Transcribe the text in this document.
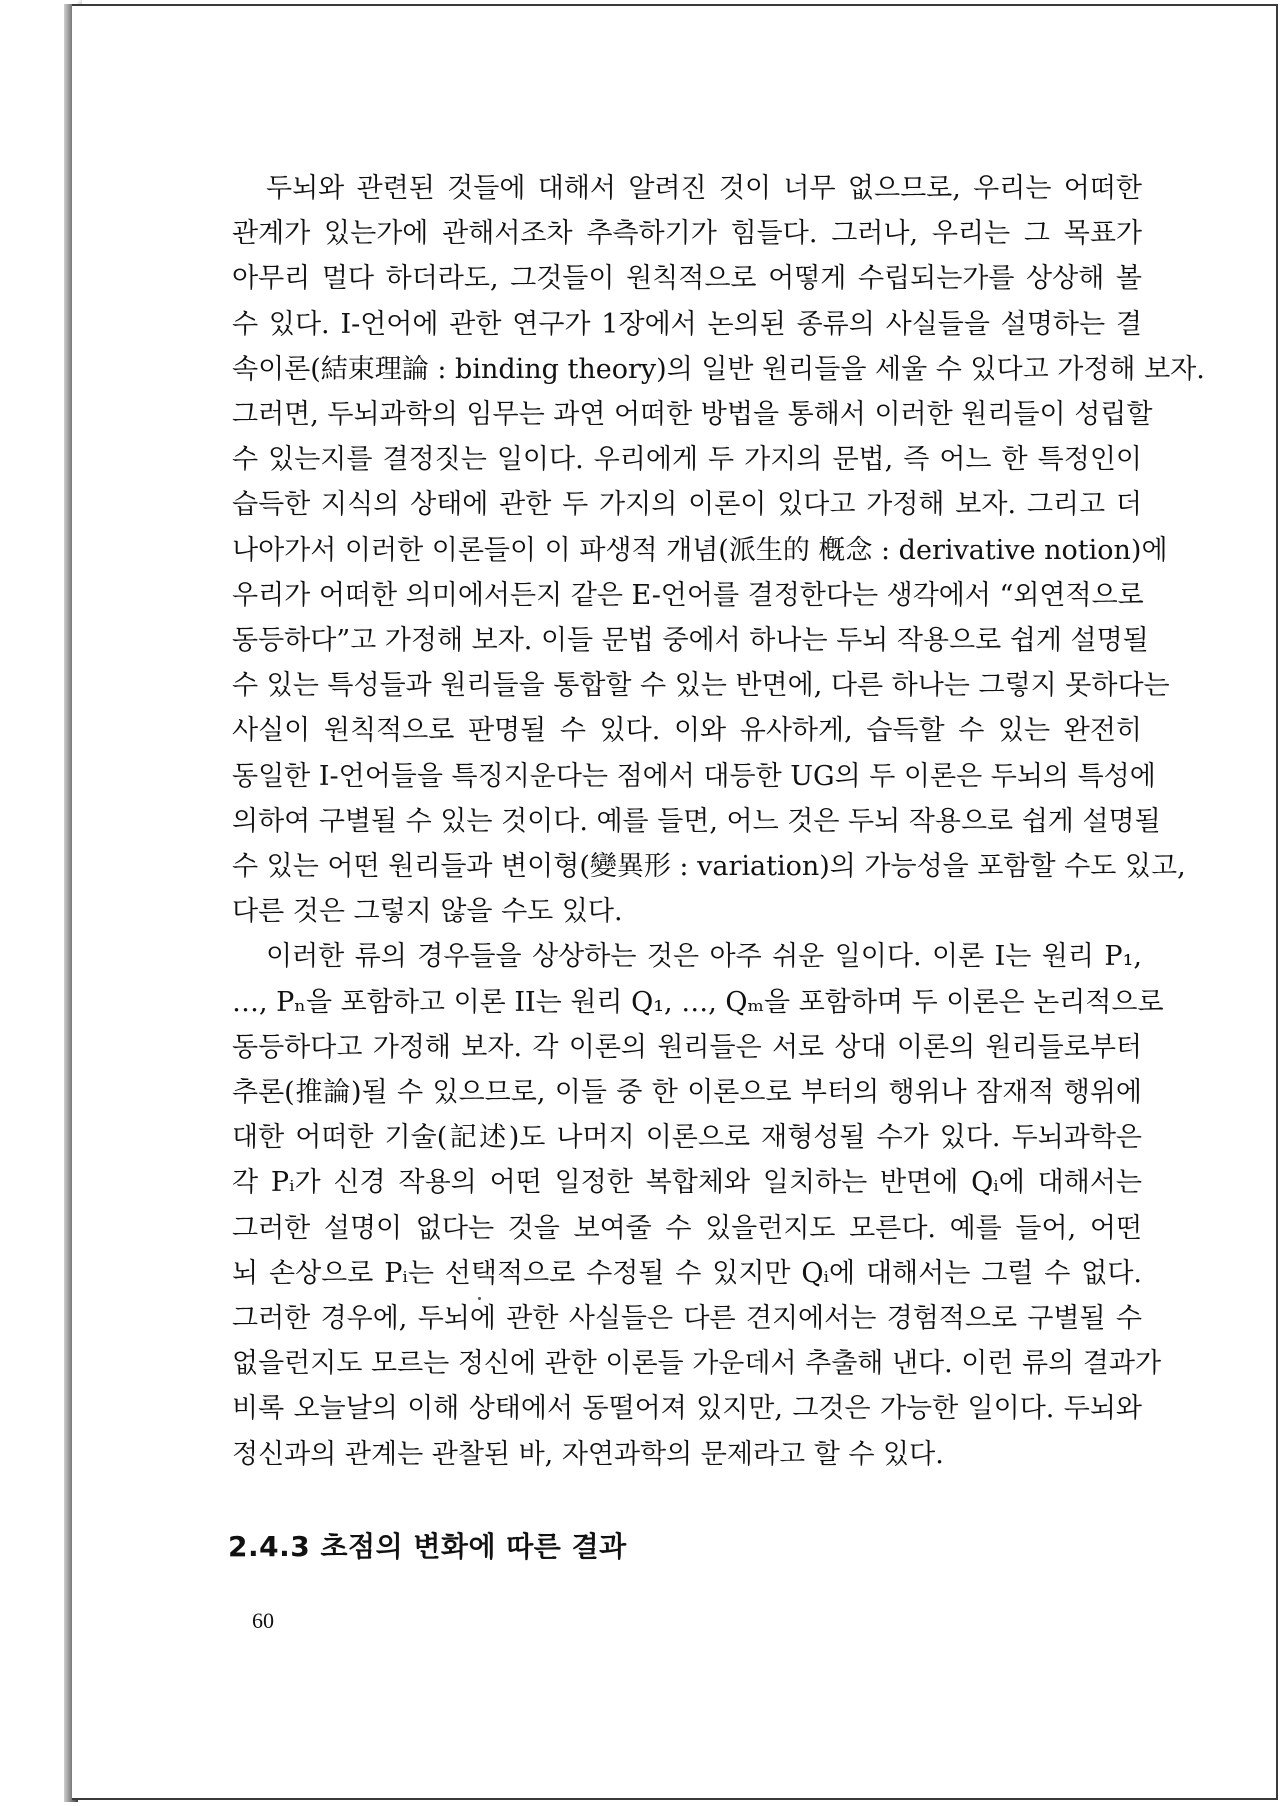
두뇌와 관련된 것들에 대해서 알려진 것이 너무 없으므로, 우리는 어떠한
관계가 있는가에 관해서조차 추측하기가 힘들다. 그러나, 우리는 그 목표가
아무리 멀다 하더라도, 그것들이 원칙적으로 어떻게 수립되는가를 상상해 볼
수 있다. I-언어에 관한 연구가 1장에서 논의된 종류의 사실들을 설명하는 결
속이론(結束理論 : binding theory)의 일반 원리들을 세울 수 있다고 가정해 보자.
그러면, 두뇌과학의 임무는 과연 어떠한 방법을 통해서 이러한 원리들이 성립할
수 있는지를 결정짓는 일이다. 우리에게 두 가지의 문법, 즉 어느 한 특정인이
습득한 지식의 상태에 관한 두 가지의 이론이 있다고 가정해 보자. 그리고 더
나아가서 이러한 이론들이 이 파생적 개념(派生的 槪念 : derivative notion)에
우리가 어떠한 의미에서든지 같은 E-언어를 결정한다는 생각에서 “외연적으로
동등하다”고 가정해 보자. 이들 문법 중에서 하나는 두뇌 작용으로 쉽게 설명될
수 있는 특성들과 원리들을 통합할 수 있는 반면에, 다른 하나는 그렇지 못하다는
사실이 원칙적으로 판명될 수 있다. 이와 유사하게, 습득할 수 있는 완전히
동일한 I-언어들을 특징지운다는 점에서 대등한 UG의 두 이론은 두뇌의 특성에
의하여 구별될 수 있는 것이다. 예를 들면, 어느 것은 두뇌 작용으로 쉽게 설명될
수 있는 어떤 원리들과 변이형(變異形 : variation)의 가능성을 포함할 수도 있고,
다른 것은 그렇지 않을 수도 있다.
이러한 류의 경우들을 상상하는 것은 아주 쉬운 일이다. 이론 I는 원리 P₁,
…, Pₙ을 포함하고 이론 II는 원리 Q₁, …, Qₘ을 포함하며 두 이론은 논리적으로
동등하다고 가정해 보자. 각 이론의 원리들은 서로 상대 이론의 원리들로부터
추론(推論)될 수 있으므로, 이들 중 한 이론으로 부터의 행위나 잠재적 행위에
대한 어떠한 기술(記述)도 나머지 이론으로 재형성될 수가 있다. 두뇌과학은
각 Pᵢ가 신경 작용의 어떤 일정한 복합체와 일치하는 반면에 Qᵢ에 대해서는
그러한 설명이 없다는 것을 보여줄 수 있을런지도 모른다. 예를 들어, 어떤
뇌 손상으로 Pᵢ는 선택적으로 수정될 수 있지만 Qᵢ에 대해서는 그럴 수 없다.
그러한 경우에, 두뇌에 관한 사실들은 다른 견지에서는 경험적으로 구별될 수
없을런지도 모르는 정신에 관한 이론들 가운데서 추출해 낸다. 이런 류의 결과가
비록 오늘날의 이해 상태에서 동떨어져 있지만, 그것은 가능한 일이다. 두뇌와
정신과의 관계는 관찰된 바, 자연과학의 문제라고 할 수 있다.
2.4.3 초점의 변화에 따른 결과
60
